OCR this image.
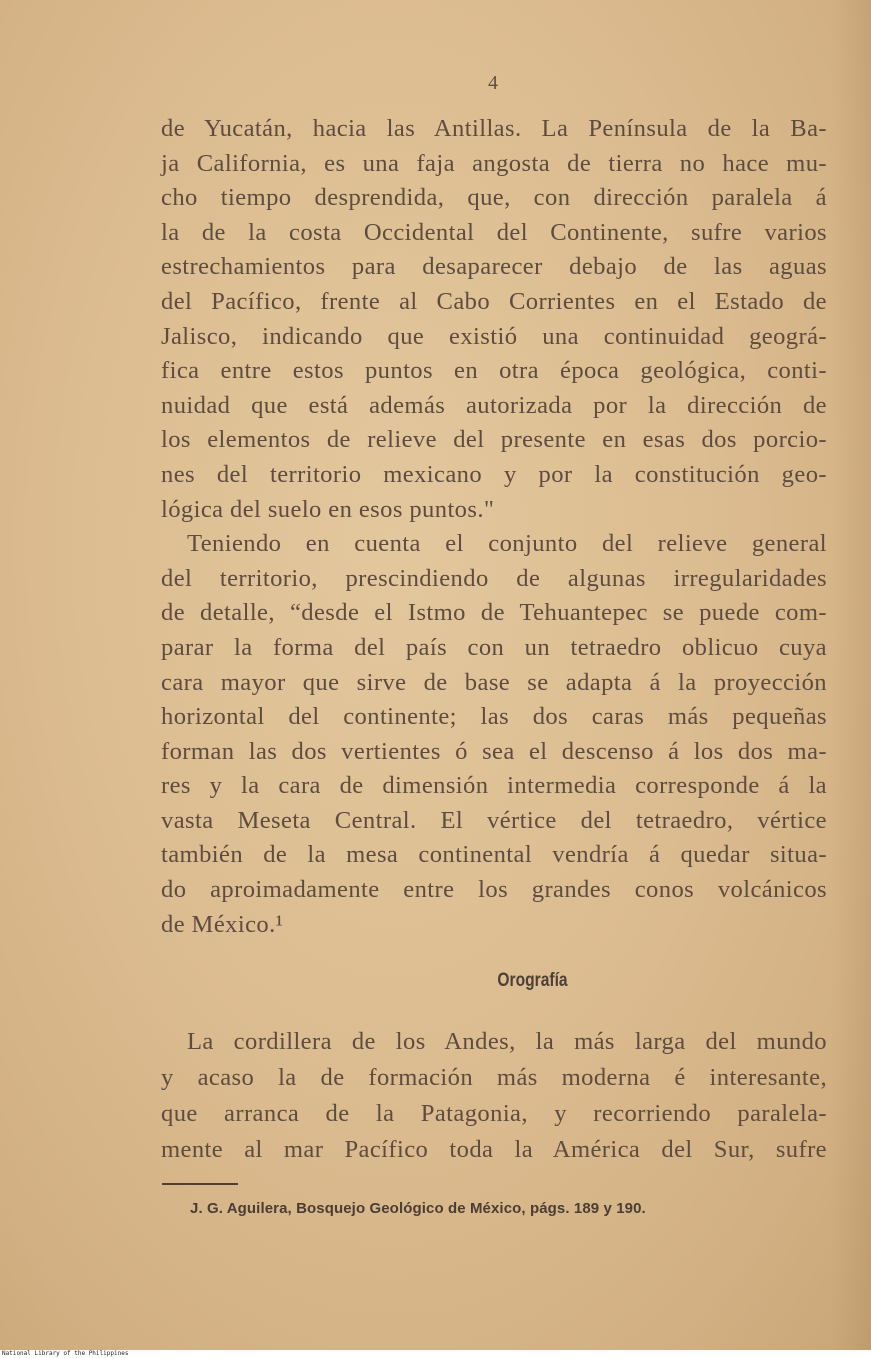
4
de Yucatán, hacia las Antillas. La Península de la Ba-
ja California, es una faja angosta de tierra no hace mu-
cho tiempo desprendida, que, con dirección paralela á
la de la costa Occidental del Continente, sufre varios
estrechamientos para desaparecer debajo de las aguas
del Pacífico, frente al Cabo Corrientes en el Estado de
Jalisco, indicando que existió una continuidad geográ-
fica entre estos puntos en otra época geológica, conti-
nuidad que está además autorizada por la dirección de
los elementos de relieve del presente en esas dos porcio-
nes del territorio mexicano y por la constitución geo-
lógica del suelo en esos puntos."
Teniendo en cuenta el conjunto del relieve general
del territorio, prescindiendo de algunas irregularidades
de detalle, “desde el Istmo de Tehuantepec se puede com-
parar la forma del país con un tetraedro oblicuo cuya
cara mayor que sirve de base se adapta á la proyección
horizontal del continente; las dos caras más pequeñas
forman las dos vertientes ó sea el descenso á los dos ma-
res y la cara de dimensión intermedia corresponde á la
vasta Meseta Central. El vértice del tetraedro, vértice
también de la mesa continental vendría á quedar situa-
do aproimadamente entre los grandes conos volcánicos
de México.¹
Orografía
La cordillera de los Andes, la más larga del mundo
y acaso la de formación más moderna é interesante,
que arranca de la Patagonia, y recorriendo paralela-
mente al mar Pacífico toda la América del Sur, sufre
J. G. Aguilera, Bosquejo Geológico de México, págs. 189 y 190.
National Library of the Philippines
